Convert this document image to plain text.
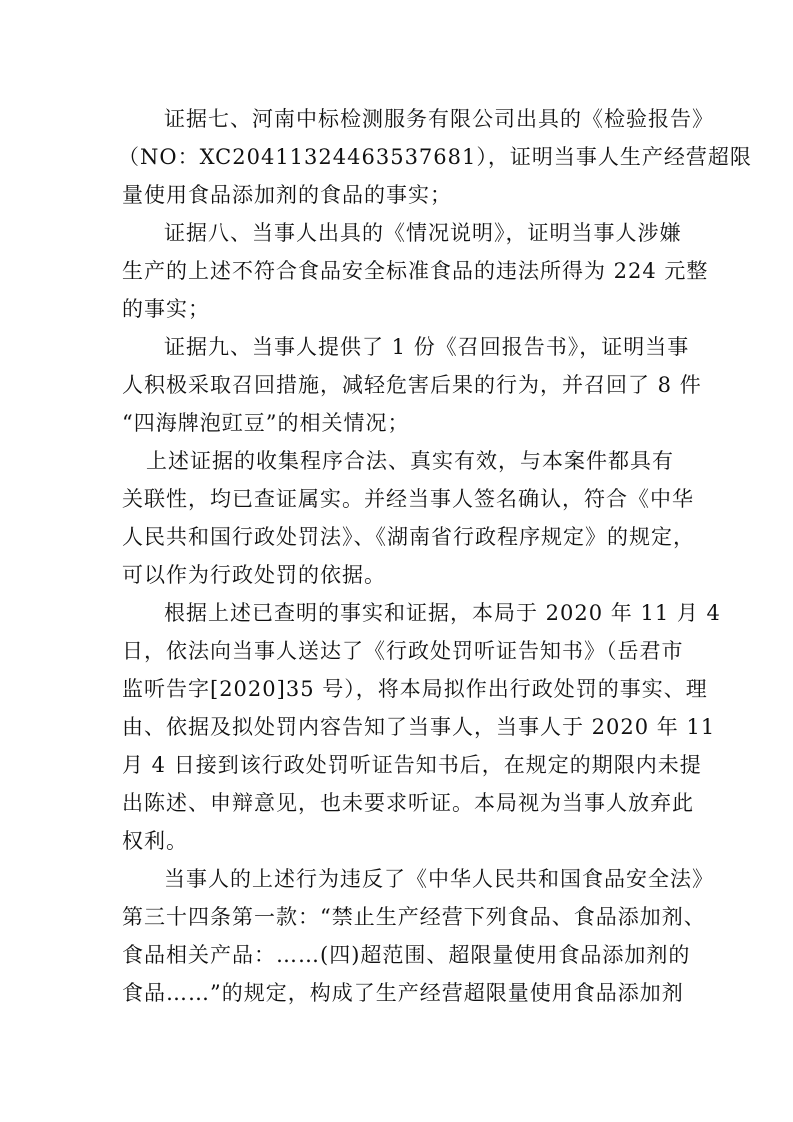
证据七、河南中标检测服务有限公司出具的《检验报告》
（NO：XC20411324463537681），证明当事人生产经营超限
量使用食品添加剂的食品的事实；
证据八、当事人出具的《情况说明》，证明当事人涉嫌
生产的上述不符合食品安全标准食品的违法所得为 224 元整
的事实；
证据九、当事人提供了 1 份《召回报告书》，证明当事
人积极采取召回措施，减轻危害后果的行为，并召回了 8 件
“四海牌泡豇豆”的相关情况；
上述证据的收集程序合法、真实有效，与本案件都具有
关联性，均已查证属实。并经当事人签名确认，符合《中华
人民共和国行政处罚法》、《湖南省行政程序规定》的规定，
可以作为行政处罚的依据。
根据上述已查明的事实和证据，本局于 2020 年 11 月 4
日，依法向当事人送达了《行政处罚听证告知书》（岳君市
监听告字[2020]35 号），将本局拟作出行政处罚的事实、理
由、依据及拟处罚内容告知了当事人，当事人于 2020 年 11
月 4 日接到该行政处罚听证告知书后，在规定的期限内未提
出陈述、申辩意见，也未要求听证。本局视为当事人放弃此
权利。
当事人的上述行为违反了《中华人民共和国食品安全法》
第三十四条第一款：“禁止生产经营下列食品、食品添加剂、
食品相关产品：……(四)超范围、超限量使用食品添加剂的
食品……”的规定，构成了生产经营超限量使用食品添加剂
